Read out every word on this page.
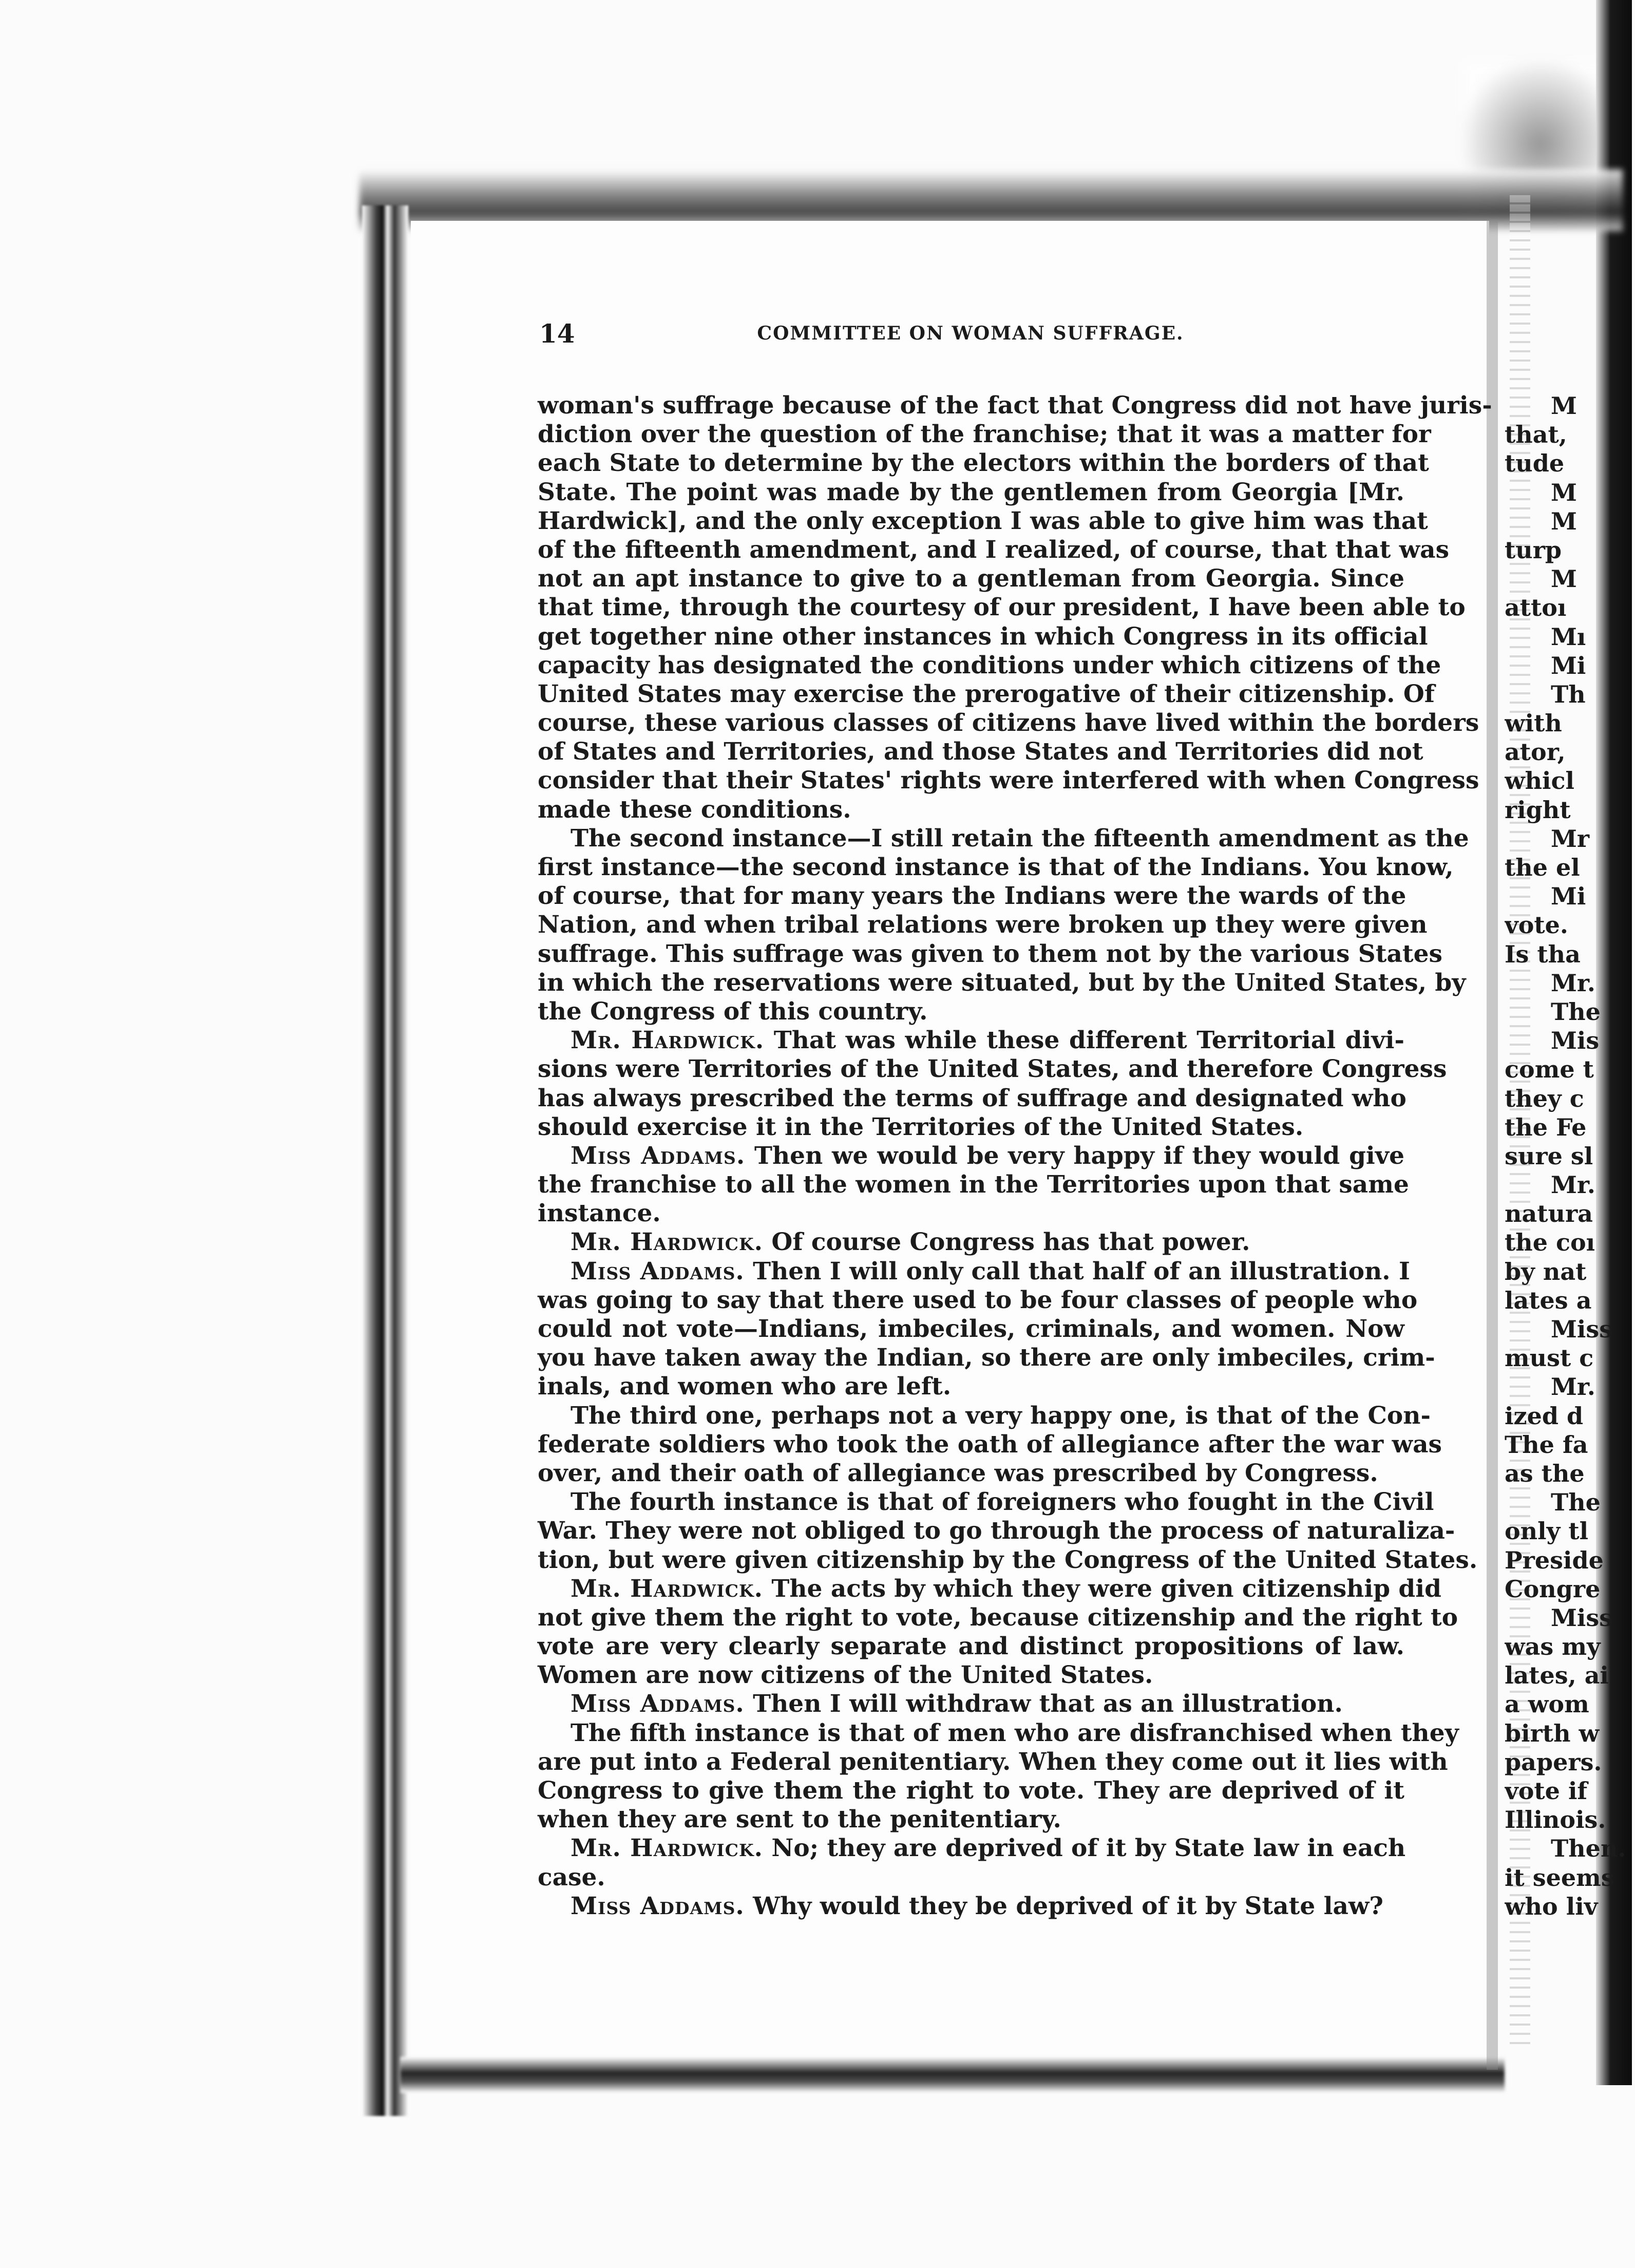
14	COMMITTEE ON WOMAN SUFFRAGE.
woman's suffrage because of the fact that Congress did not have juris-
diction over the question of the franchise; that it was a matter for
each State to determine by the electors within the borders of that
State. The point was made by the gentlemen from Georgia [Mr.
Hardwick], and the only exception I was able to give him was that
of the fifteenth amendment, and I realized, of course, that that was
not an apt instance to give to a gentleman from Georgia. Since
that time, through the courtesy of our president, I have been able to
get together nine other instances in which Congress in its official
capacity has designated the conditions under which citizens of the
United States may exercise the prerogative of their citizenship. Of
course, these various classes of citizens have lived within the borders
of States and Territories, and those States and Territories did not
consider that their States' rights were interfered with when Congress
made these conditions.
The second instance—I still retain the fifteenth amendment as the
first instance—the second instance is that of the Indians. You know,
of course, that for many years the Indians were the wards of the
Nation, and when tribal relations were broken up they were given
suffrage. This suffrage was given to them not by the various States
in which the reservations were situated, but by the United States, by
the Congress of this country.
Mr. Hardwick. That was while these different Territorial divi-
sions were Territories of the United States, and therefore Congress
has always prescribed the terms of suffrage and designated who
should exercise it in the Territories of the United States.
Miss Addams. Then we would be very happy if they would give
the franchise to all the women in the Territories upon that same
instance.
Mr. Hardwick. Of course Congress has that power.
Miss Addams. Then I will only call that half of an illustration. I
was going to say that there used to be four classes of people who
could not vote—Indians, imbeciles, criminals, and women. Now
you have taken away the Indian, so there are only imbeciles, crim-
inals, and women who are left.
The third one, perhaps not a very happy one, is that of the Con-
federate soldiers who took the oath of allegiance after the war was
over, and their oath of allegiance was prescribed by Congress.
The fourth instance is that of foreigners who fought in the Civil
War. They were not obliged to go through the process of naturaliza-
tion, but were given citizenship by the Congress of the United States.
Mr. Hardwick. The acts by which they were given citizenship did
not give them the right to vote, because citizenship and the right to
vote are very clearly separate and distinct propositions of law.
Women are now citizens of the United States.
Miss Addams. Then I will withdraw that as an illustration.
The fifth instance is that of men who are disfranchised when they
are put into a Federal penitentiary. When they come out it lies with
Congress to give them the right to vote. They are deprived of it
when they are sent to the penitentiary.
Mr. Hardwick. No; they are deprived of it by State law in each
case.
Miss Addams. Why would they be deprived of it by State law?
M
that,
tude
M
M
turp
M
attoı
Mı
Mi
Th
with
ator,
whicl
right
Mr
the el
Mi
vote.
Is tha
Mr.
The
Mis
come t
they c
the Fe
sure sl
Mr.
natura
the coı
by nat
lates a
Miss
must c
Mr.
ized d
The fa
as the
The
only tl
Preside
Congre
Miss
was my
lates, ai
a wom
birth w
papers.
vote if
Illinois.
Then.
it seems
who liv
